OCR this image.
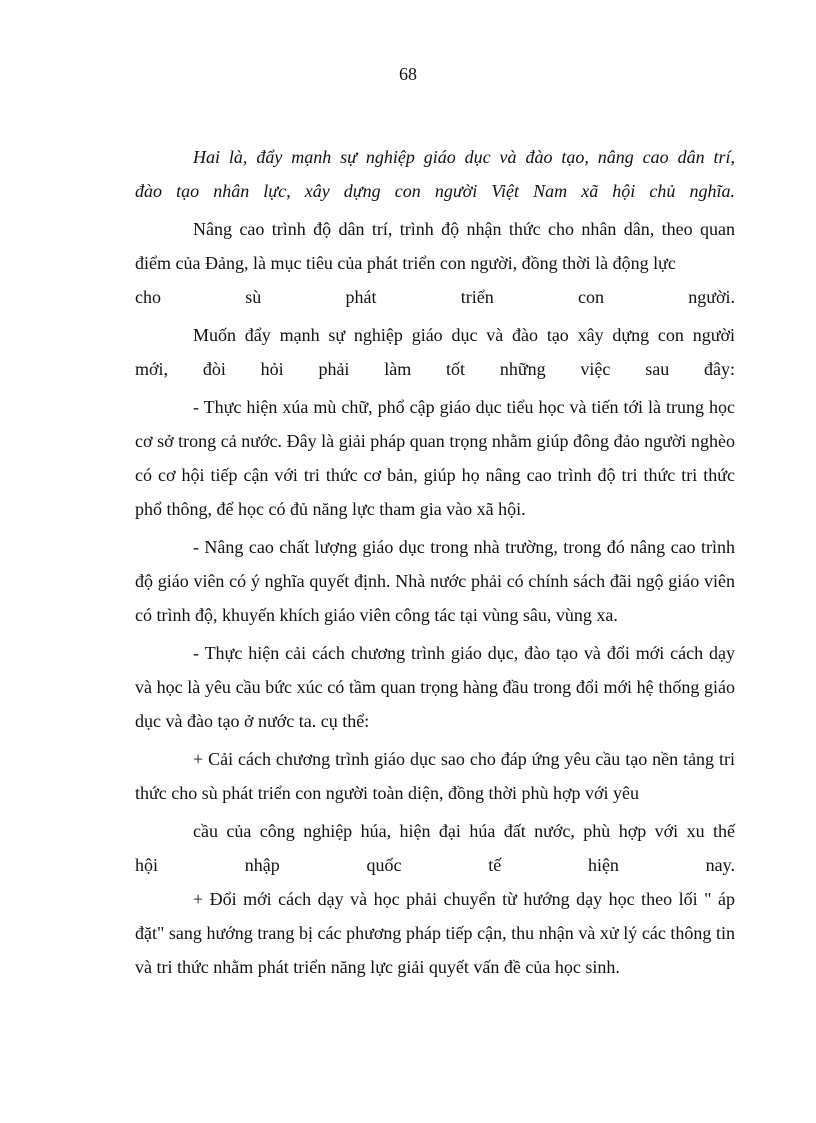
68

Hai là, đẩy mạnh sự nghiệp giáo dục và đào tạo, nâng cao dân trí,

đào tạo nhân lực, xây dựng con người Việt Nam xã hội chủ nghĩa.

Nâng cao trình độ dân trí, trình độ nhận thức cho nhân dân, theo quan điểm của Đảng, là mục tiêu của phát triển con người, đồng thời là động lực

cho sù phát triển con người.

Muốn đẩy mạnh sự nghiệp giáo dục và đào tạo xây dựng con người

mới, đòi hỏi phải làm tốt những việc sau đây:

- Thực hiện xúa mù chữ, phổ cập giáo dục tiểu học và tiến tới là trung học cơ sở trong cả nước. Đây là giải pháp quan trọng nhằm giúp đông đảo người nghèo có cơ hội tiếp cận với tri thức cơ bản, giúp họ nâng cao trình độ tri thức tri thức phổ thông, để học có đủ năng lực tham gia vào xã hội.

- Nâng cao chất lượng giáo dục trong nhà trường, trong đó nâng cao trình độ giáo viên có ý nghĩa quyết định. Nhà nước phải có chính sách đãi ngộ giáo viên có trình độ, khuyến khích giáo viên công tác tại vùng sâu, vùng xa.

- Thực hiện cải cách chương trình giáo dục, đào tạo và đổi mới cách dạy và học là yêu cầu bức xúc có tầm quan trọng hàng đầu trong đổi mới hệ thống giáo dục và đào tạo ở nước ta. cụ thể:

+ Cải cách chương trình giáo dục sao cho đáp ứng yêu cầu tạo nền tảng tri thức cho sù phát triển con người toàn diện, đồng thời phù hợp với yêu

cầu của công nghiệp húa, hiện đại húa đất nước, phù hợp với xu thế

hội nhập quốc tế hiện nay.

+ Đổi mới cách dạy và học phải chuyển từ hướng dạy học theo lối " áp đặt" sang hướng trang bị các phương pháp tiếp cận, thu nhận và xử lý các thông tin và tri thức nhằm phát triển năng lực giải quyết vấn đề của học sinh.
